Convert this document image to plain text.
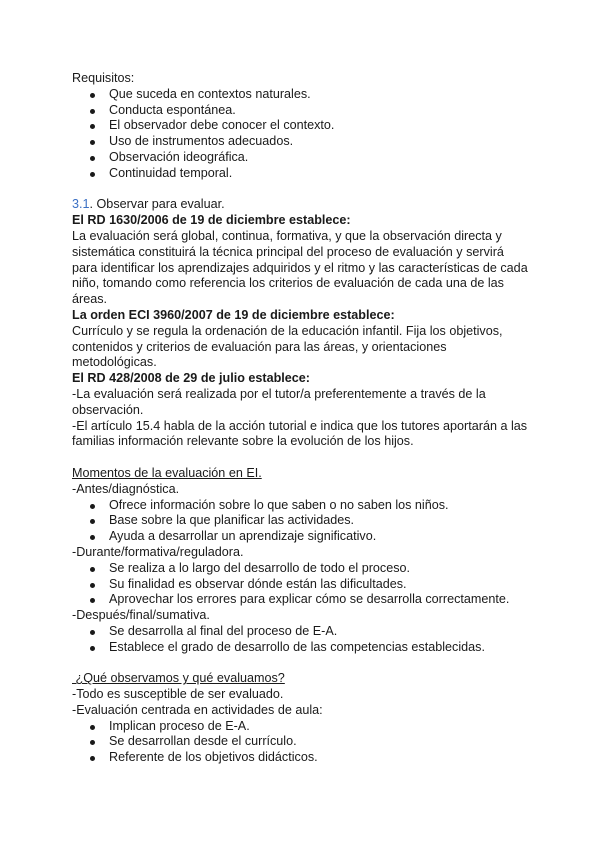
Requisitos:

Que suceda en contextos naturales.
Conducta espontánea.
El observador debe conocer el contexto.
Uso de instrumentos adecuados.
Observación ideográfica.
Continuidad temporal.

3.1. Observar para evaluar.

El RD 1630/2006 de 19 de diciembre establece:

La evaluación será global, continua, formativa, y que la observación directa y sistemática constituirá la técnica principal del proceso de evaluación y servirá para identificar los aprendizajes adquiridos y el ritmo y las características de cada niño, tomando como referencia los criterios de evaluación de cada una de las áreas.

La orden ECI 3960/2007 de 19 de diciembre establece:

Currículo y se regula la ordenación de la educación infantil. Fija los objetivos, contenidos y criterios de evaluación para las áreas, y orientaciones metodológicas.

El RD 428/2008 de 29 de julio establece:

-La evaluación será realizada por el tutor/a preferentemente a través de la observación.

-El artículo 15.4 habla de la acción tutorial e indica que los tutores aportarán a las familias información relevante sobre la evolución de los hijos.

Momentos de la evaluación en EI.

-Antes/diagnóstica.

Ofrece información sobre lo que saben o no saben los niños.
Base sobre la que planificar las actividades.
Ayuda a desarrollar un aprendizaje significativo.

-Durante/formativa/reguladora.

Se realiza a lo largo del desarrollo de todo el proceso.
Su finalidad es observar dónde están las dificultades.
Aprovechar los errores para explicar cómo se desarrolla correctamente.

-Después/final/sumativa.

Se desarrolla al final del proceso de E-A.
Establece el grado de desarrollo de las competencias establecidas.

¿Qué observamos y qué evaluamos?

-Todo es susceptible de ser evaluado.

-Evaluación centrada en actividades de aula:

Implican proceso de E-A.
Se desarrollan desde el currículo.
Referente de los objetivos didácticos.
